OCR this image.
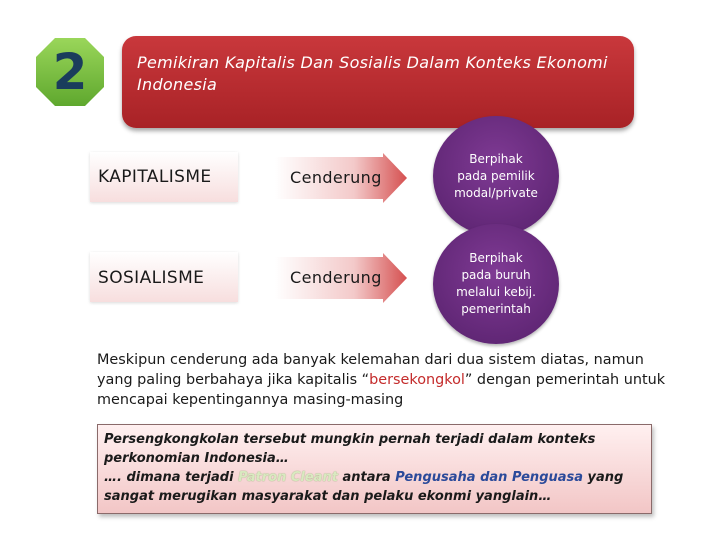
2	Pemikiran Kapitalis Dan Sosialis Dalam Konteks Ekonomi
Indonesia
KAPITALISME	Cenderung
Berpihak pada pemilik modal/private
SOSIALISME	Cenderung
Berpihak pada buruh melalui kebij. pemerintah
Meskipun cenderung ada banyak kelemahan dari dua sistem diatas, namun yang paling berbahaya jika kapitalis “bersekongkol” dengan pemerintah untuk mencapai kepentingannya masing-masing
Persengkongkolan tersebut mungkin pernah terjadi dalam konteks
perkonomian Indonesia…
…. dimana terjadi Patron Cleant antara Pengusaha dan Penguasa yang
sangat merugikan masyarakat dan pelaku ekonmi yanglain…
